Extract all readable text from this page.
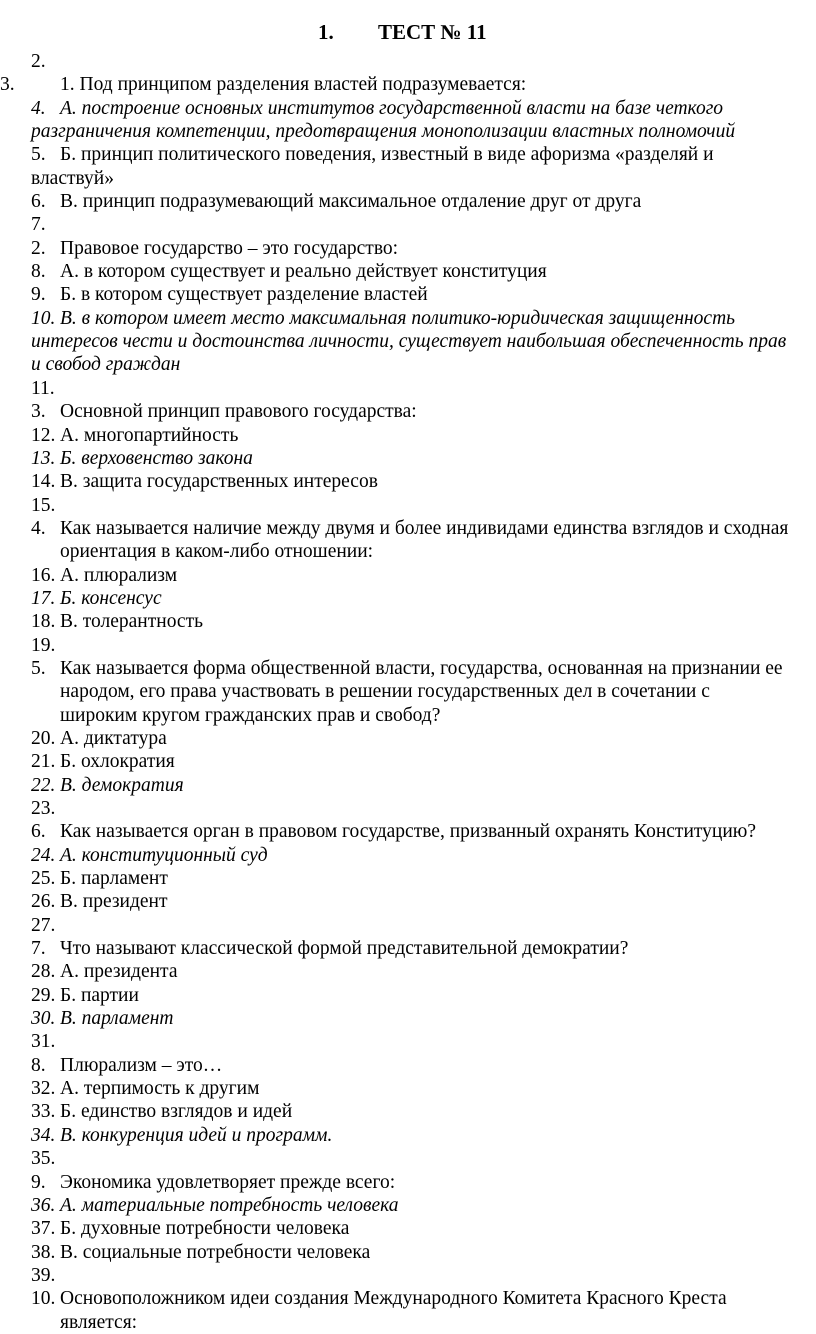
1. ТЕСТ № 11
2.
3. 1. Под принципом разделения властей подразумевается:
4. А. построение основных институтов государственной власти на базе четкого
разграничения компетенции, предотвращения монополизации властных полномочий
5. Б. принцип политического поведения, известный в виде афоризма «разделяй и
властвуй»
6. В. принцип подразумевающий максимальное отдаление друг от друга
7.
2. Правовое государство – это государство:
8. А. в котором существует и реально действует конституция
9. Б. в котором существует разделение властей
10. В. в котором имеет место максимальная политико-юридическая защищенность
интересов чести и достоинства личности, существует наибольшая обеспеченность прав
и свобод граждан
11.
3. Основной принцип правового государства:
12. А. многопартийность
13. Б. верховенство закона
14. В. защита государственных интересов
15.
4. Как называется наличие между двумя и более индивидами единства взглядов и сходная
ориентация в каком-либо отношении:
16. А. плюрализм
17. Б. консенсус
18. В. толерантность
19.
5. Как называется форма общественной власти, государства, основанная на признании ее
народом, его права участвовать в решении государственных дел в сочетании с
широким кругом гражданских прав и свобод?
20. А. диктатура
21. Б. охлократия
22. В. демократия
23.
6. Как называется орган в правовом государстве, призванный охранять Конституцию?
24. А. конституционный суд
25. Б. парламент
26. В. президент
27.
7. Что называют классической формой представительной демократии?
28. А. президента
29. Б. партии
30. В. парламент
31.
8. Плюрализм – это…
32. А. терпимость к другим
33. Б. единство взглядов и идей
34. В. конкуренция идей и программ.
35.
9. Экономика удовлетворяет прежде всего:
36. А. материальные потребность человека
37. Б. духовные потребности человека
38. В. социальные потребности человека
39.
10. Основоположником идеи создания Международного Комитета Красного Креста
является:
